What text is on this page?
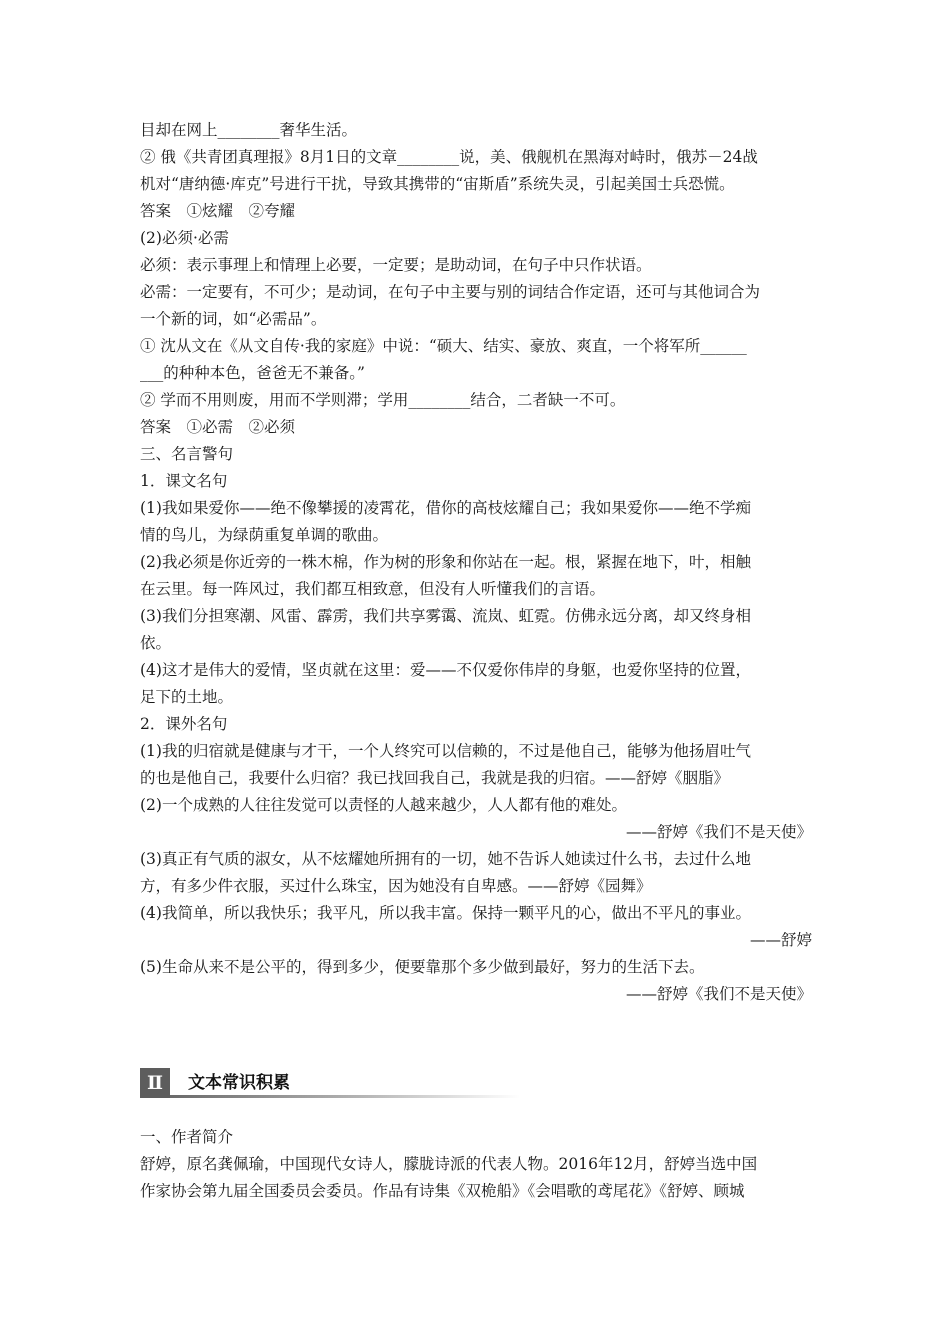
目却在网上________奢华生活。
② 俄《共青团真理报》8月1日的文章________说，美、俄舰机在黑海对峙时，俄苏－24战
机对“唐纳德·库克”号进行干扰，导致其携带的“宙斯盾”系统失灵，引起美国士兵恐慌。
答案　①炫耀　②夸耀
(2)必须·必需
必须：表示事理上和情理上必要，一定要；是助动词，在句子中只作状语。
必需：一定要有，不可少；是动词，在句子中主要与别的词结合作定语，还可与其他词合为
一个新的词，如“必需品”。
① 沈从文在《从文自传·我的家庭》中说：“硕大、结实、豪放、爽直，一个将军所______
___的种种本色，爸爸无不兼备。”
② 学而不用则废，用而不学则滞；学用________结合，二者缺一不可。
答案　①必需　②必须
三、名言警句
1．课文名句
(1)我如果爱你——绝不像攀援的凌霄花，借你的高枝炫耀自己；我如果爱你——绝不学痴
情的鸟儿，为绿荫重复单调的歌曲。
(2)我必须是你近旁的一株木棉，作为树的形象和你站在一起。根，紧握在地下，叶，相触
在云里。每一阵风过，我们都互相致意，但没有人听懂我们的言语。
(3)我们分担寒潮、风雷、霹雳，我们共享雾霭、流岚、虹霓。仿佛永远分离，却又终身相
依。
(4)这才是伟大的爱情，坚贞就在这里：爱——不仅爱你伟岸的身躯，也爱你坚持的位置，
足下的土地。
2．课外名句
(1)我的归宿就是健康与才干，一个人终究可以信赖的，不过是他自己，能够为他扬眉吐气
的也是他自己，我要什么归宿？我已找回我自己，我就是我的归宿。——舒婷《胭脂》
(2)一个成熟的人往往发觉可以责怪的人越来越少，人人都有他的难处。
——舒婷《我们不是天使》
(3)真正有气质的淑女，从不炫耀她所拥有的一切，她不告诉人她读过什么书，去过什么地
方，有多少件衣服，买过什么珠宝，因为她没有自卑感。——舒婷《园舞》
(4)我简单，所以我快乐；我平凡，所以我丰富。保持一颗平凡的心，做出不平凡的事业。
——舒婷
(5)生命从来不是公平的，得到多少，便要靠那个多少做到最好，努力的生活下去。
——舒婷《我们不是天使》
Ⅱ	文本常识积累
一、作者简介
舒婷，原名龚佩瑜，中国现代女诗人，朦胧诗派的代表人物。2016年12月，舒婷当选中国
作家协会第九届全国委员会委员。作品有诗集《双桅船》《会唱歌的鸢尾花》《舒婷、顾城
